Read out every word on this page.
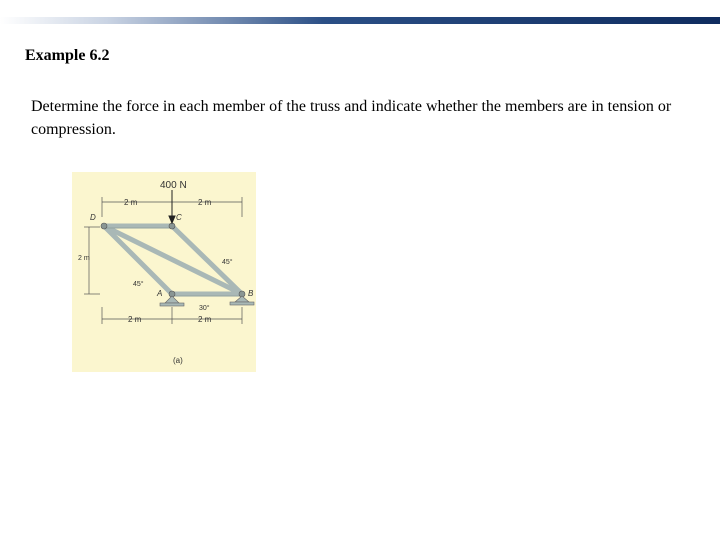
Example 6.2
Determine the force in each member of the truss and indicate whether the members are in tension or compression.
400 N
2 m	2 m
2 m
2 m	2 m
D	C
A	B
45°
45°
30°
(a)
